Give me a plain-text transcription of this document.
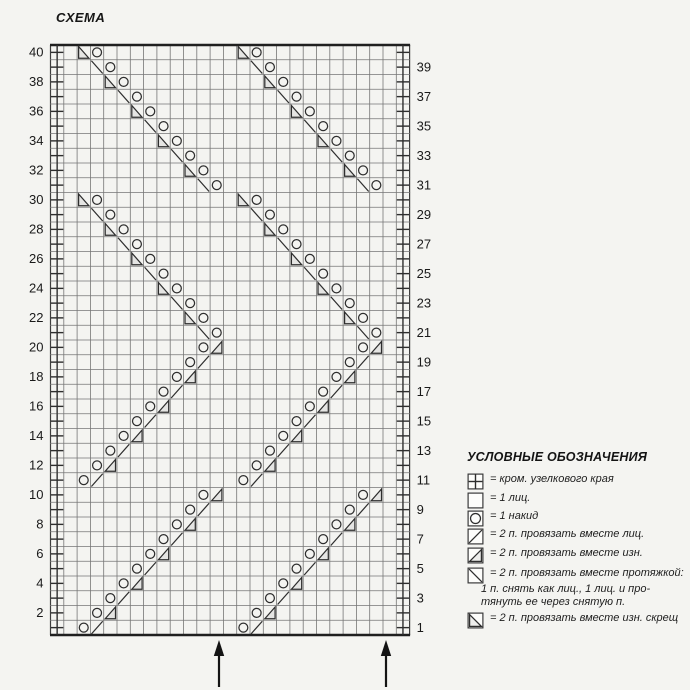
СХЕМА
40
38
36
34
32
30
28
26
24
22
20
18
16
14
12
10
8
6
4
2
39
37
35
33
31
29
27
25
23
21
19
17
15
13
11
9
7
5
3
1
УСЛОВНЫЕ ОБОЗНАЧЕНИЯ
= кром. узелкового края
= 1 лиц.
= 1 накид
= 2 п. провязать вместе лиц.
= 2 п. провязать вместе изн.
= 2 п. провязать вместе протяжкой:
1 п. снять как лиц., 1 лиц. и про-
тянуть ее через снятую п.
= 2 п. провязать вместе изн. скрещ
